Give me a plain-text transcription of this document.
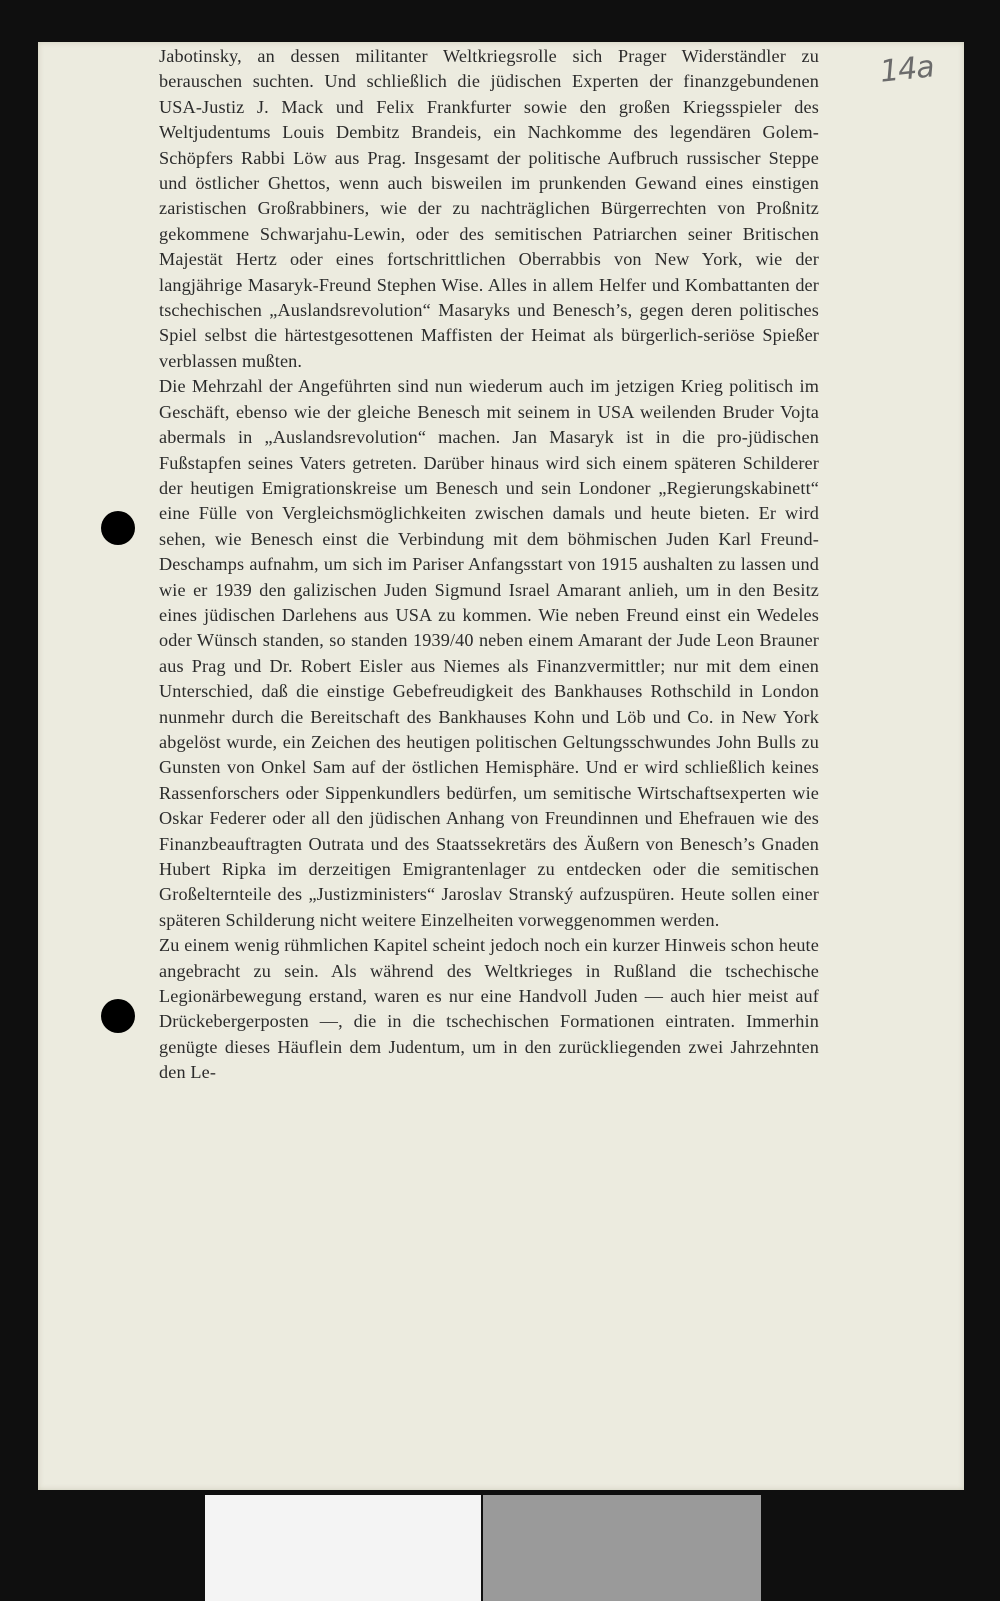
14a

Jabotinsky, an dessen militanter Weltkriegsrolle sich Prager Widerständler zu berauschen suchten. Und schließlich die jüdischen Experten der finanzgebundenen USA-Justiz J. Mack und Felix Frankfurter sowie den großen Kriegsspieler des Weltjudentums Louis Dembitz Brandeis, ein Nachkomme des legendären Golem-Schöpfers Rabbi Löw aus Prag. Insgesamt der politische Aufbruch russischer Steppe und östlicher Ghettos, wenn auch bisweilen im prunkenden Gewand eines einstigen zaristischen Großrabbiners, wie der zu nachträglichen Bürgerrechten von Proßnitz gekommene Schwarjahu-Lewin, oder des semitischen Patriarchen seiner Britischen Majestät Hertz oder eines fortschrittlichen Oberrabbis von New York, wie der langjährige Masaryk-Freund Stephen Wise. Alles in allem Helfer und Kombattanten der tschechischen „Auslandsrevolution“ Masaryks und Benesch’s, gegen deren politisches Spiel selbst die härtestgesottenen Maffisten der Heimat als bürgerlich-seriöse Spießer verblassen mußten.

Die Mehrzahl der Angeführten sind nun wiederum auch im jetzigen Krieg politisch im Geschäft, ebenso wie der gleiche Benesch mit seinem in USA weilenden Bruder Vojta abermals in „Auslandsrevolution“ machen. Jan Masaryk ist in die pro-jüdischen Fußstapfen seines Vaters getreten. Darüber hinaus wird sich einem späteren Schilderer der heutigen Emigrationskreise um Benesch und sein Londoner „Regierungskabinett“ eine Fülle von Vergleichsmöglichkeiten zwischen damals und heute bieten. Er wird sehen, wie Benesch einst die Verbindung mit dem böhmischen Juden Karl Freund-Deschamps aufnahm, um sich im Pariser Anfangsstart von 1915 aushalten zu lassen und wie er 1939 den galizischen Juden Sigmund Israel Amarant anlieh, um in den Besitz eines jüdischen Darlehens aus USA zu kommen. Wie neben Freund einst ein Wedeles oder Wünsch standen, so standen 1939/40 neben einem Amarant der Jude Leon Brauner aus Prag und Dr. Robert Eisler aus Niemes als Finanzvermittler; nur mit dem einen Unterschied, daß die einstige Gebefreudigkeit des Bankhauses Rothschild in London nunmehr durch die Bereitschaft des Bankhauses Kohn und Löb und Co. in New York abgelöst wurde, ein Zeichen des heutigen politischen Geltungsschwundes John Bulls zu Gunsten von Onkel Sam auf der östlichen Hemisphäre. Und er wird schließlich keines Rassenforschers oder Sippenkundlers bedürfen, um semitische Wirtschaftsexperten wie Oskar Federer oder all den jüdischen Anhang von Freundinnen und Ehefrauen wie des Finanzbeauftragten Outrata und des Staatssekretärs des Äußern von Benesch’s Gnaden Hubert Ripka im derzeitigen Emigrantenlager zu entdecken oder die semitischen Großelternteile des „Justizministers“ Jaroslav Stranský aufzuspüren. Heute sollen einer späteren Schilderung nicht weitere Einzelheiten vorweggenommen werden.

Zu einem wenig rühmlichen Kapitel scheint jedoch noch ein kurzer Hinweis schon heute angebracht zu sein. Als während des Weltkrieges in Rußland die tschechische Legionärbewegung erstand, waren es nur eine Handvoll Juden — auch hier meist auf Drückebergerposten —, die in die tschechischen Formationen eintraten. Immerhin genügte dieses Häuflein dem Judentum, um in den zurückliegenden zwei Jahrzehnten den Le-
